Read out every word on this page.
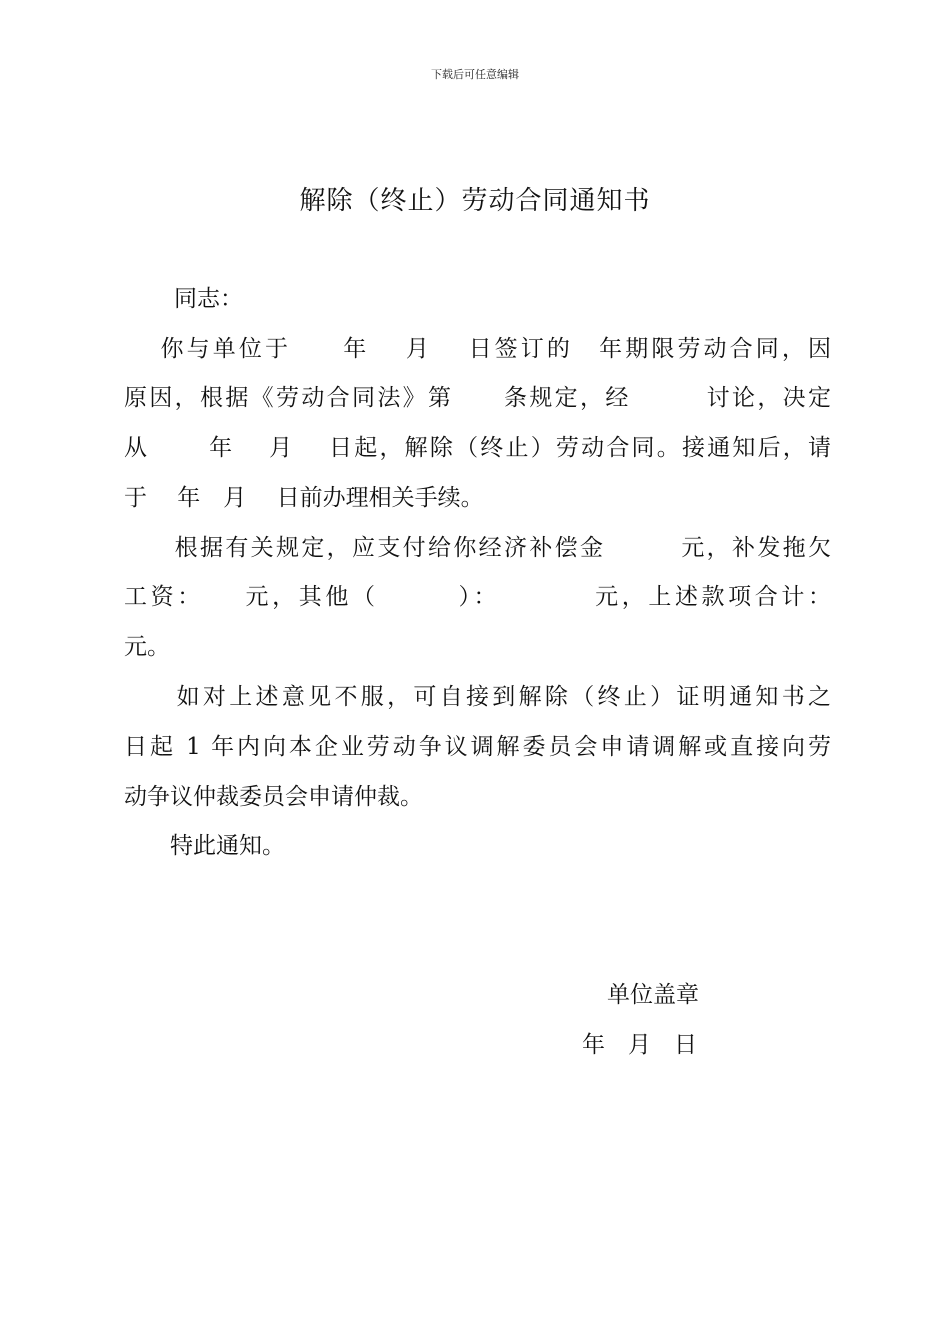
下载后可任意编辑
解除（终止）劳动合同通知书
同志：
　 你与单位于　　年　 月 　日签订的　年期限劳动合同，因
原因，根据《劳动合同法》第　　条规定，经　　　讨论，决定
从　　 年　 月　 日起，解除（终止）劳动合同。接通知后，请
于 　年　月　 日前办理相关手续。
　　根据有关规定，应支付给你经济补偿金　　　元，补发拖欠
工资：　　元，其他（　　　）：　　　　元，上述款项合计：
元。
　　如对上述意见不服，可自接到解除（终止）证明通知书之
日起 1 年内向本企业劳动争议调解委员会申请调解或直接向劳
动争议仲裁委员会申请仲裁。
　　特此通知。
单位盖章
年　月　日
